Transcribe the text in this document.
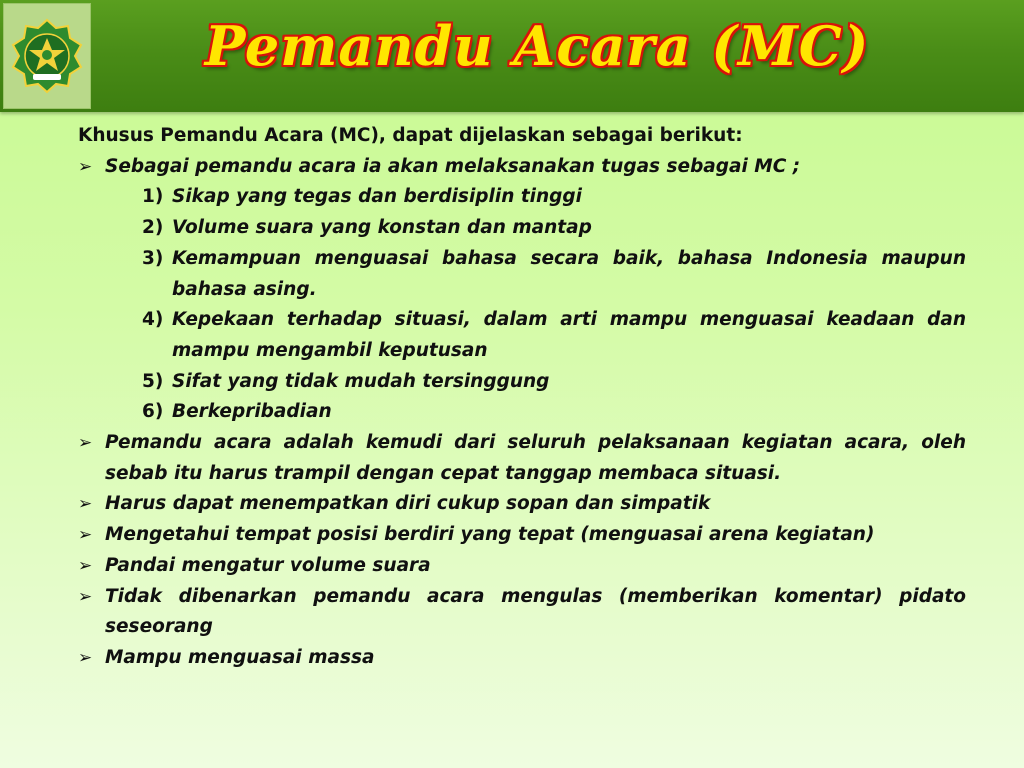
Pemandu Acara (MC)

Khusus Pemandu Acara (MC), dapat dijelaskan sebagai berikut:

➢ Sebagai pemandu acara ia akan melaksanakan tugas sebagai MC ;
1) Sikap yang tegas dan berdisiplin tinggi
2) Volume suara yang konstan dan mantap
3) Kemampuan menguasai bahasa secara baik, bahasa Indonesia maupun bahasa asing.
4) Kepekaan terhadap situasi, dalam arti mampu menguasai keadaan dan mampu mengambil keputusan
5) Sifat yang tidak mudah tersinggung
6) Berkepribadian
➢ Pemandu acara adalah kemudi dari seluruh pelaksanaan kegiatan acara, oleh sebab itu harus trampil dengan cepat tanggap membaca situasi.
➢ Harus dapat menempatkan diri cukup sopan dan simpatik
➢ Mengetahui tempat posisi berdiri yang tepat (menguasai arena kegiatan)
➢ Pandai mengatur volume suara
➢ Tidak dibenarkan pemandu acara mengulas (memberikan komentar) pidato seseorang
➢ Mampu menguasai massa
